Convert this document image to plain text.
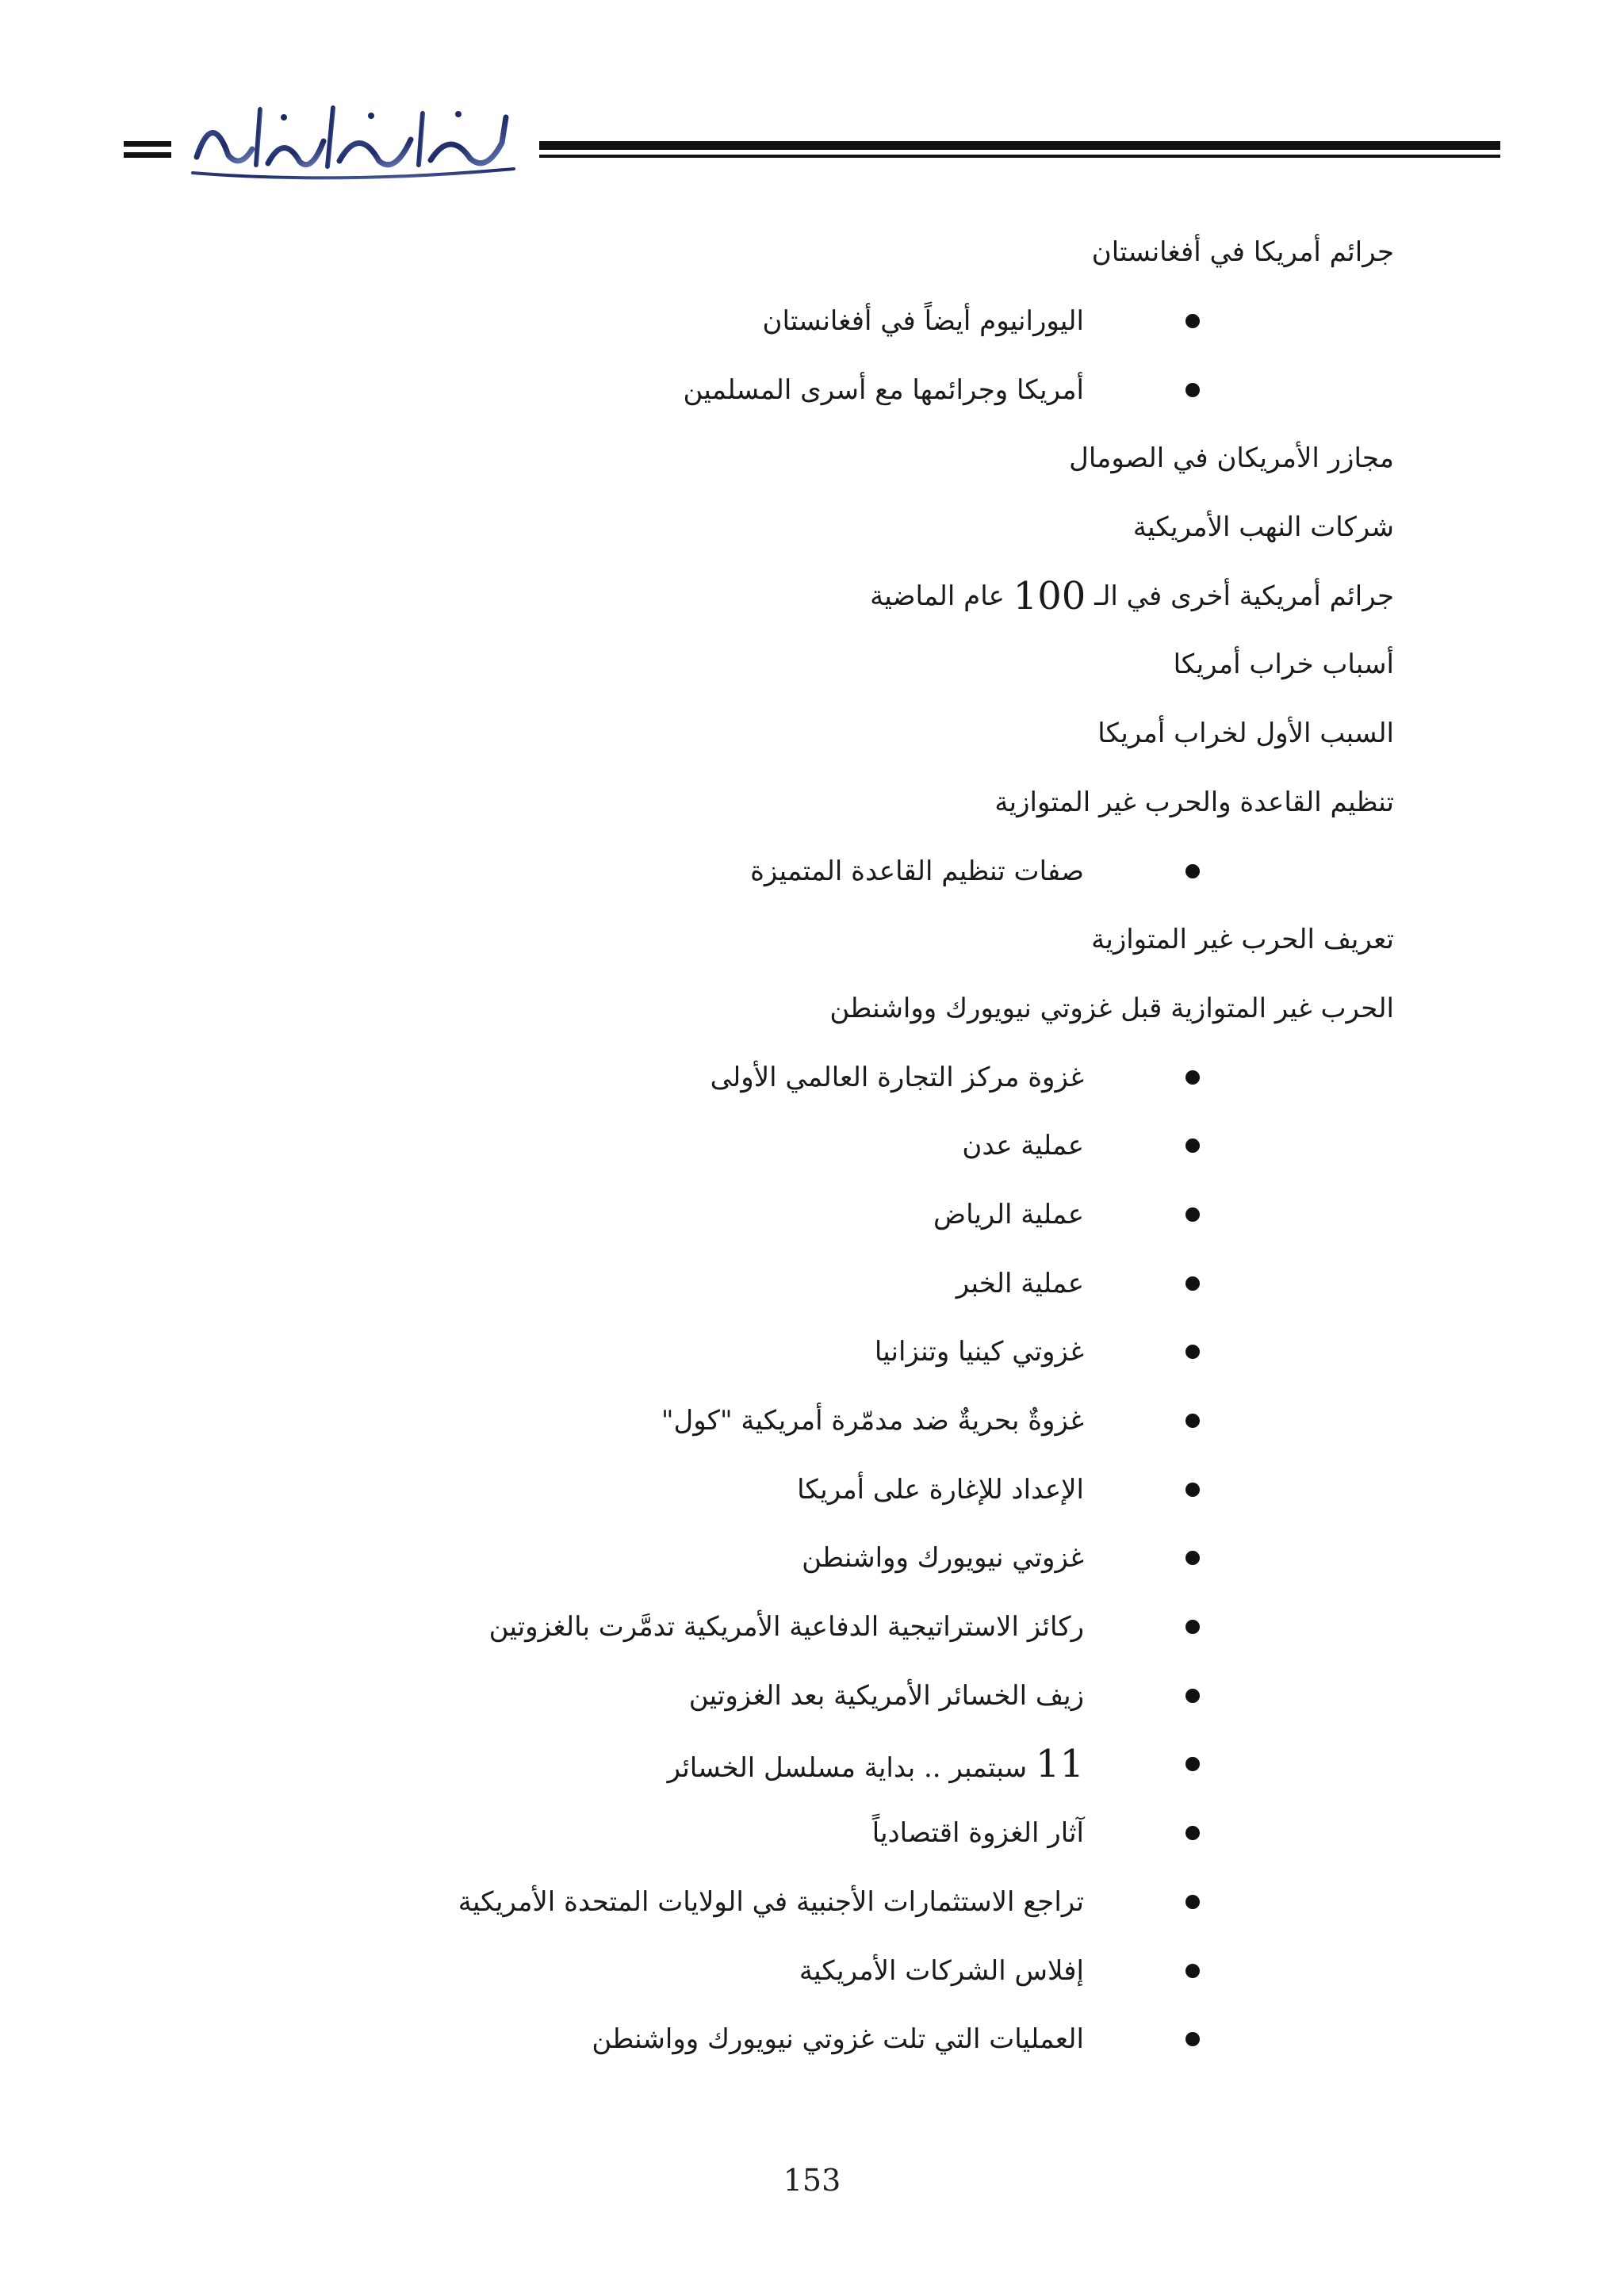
جرائم أمريكا في أفغانستان
اليورانيوم أيضاً في أفغانستان
أمريكا وجرائمها مع أسرى المسلمين
مجازر الأمريكان في الصومال
شركات النهب الأمريكية
جرائم أمريكية أخرى في الـ

100

عام الماضية
أسباب خراب أمريكا
السبب الأول لخراب أمريكا
تنظيم القاعدة والحرب غير المتوازية
صفات تنظيم القاعدة المتميزة
تعريف الحرب غير المتوازية
الحرب غير المتوازية قبل غزوتي نيويورك وواشنطن
غزوة مركز التجارة العالمي الأولى
عملية عدن
عملية الرياض
عملية الخبر
غزوتي كينيا وتنزانيا
غزوةٌ بحريةٌ ضد مدمّرة أمريكية "كول"
الإعداد للإغارة على أمريكا
غزوتي نيويورك وواشنطن
ركائز الاستراتيجية الدفاعية الأمريكية تدمَّرت بالغزوتين
زيف الخسائر الأمريكية بعد الغزوتين
11 سبتمبر .. بداية مسلسل الخسائر
آثار الغزوة اقتصادياً
تراجع الاستثمارات الأجنبية في الولايات المتحدة الأمريكية
إفلاس الشركات الأمريكية
العمليات التي تلت غزوتي نيويورك وواشنطن
153
